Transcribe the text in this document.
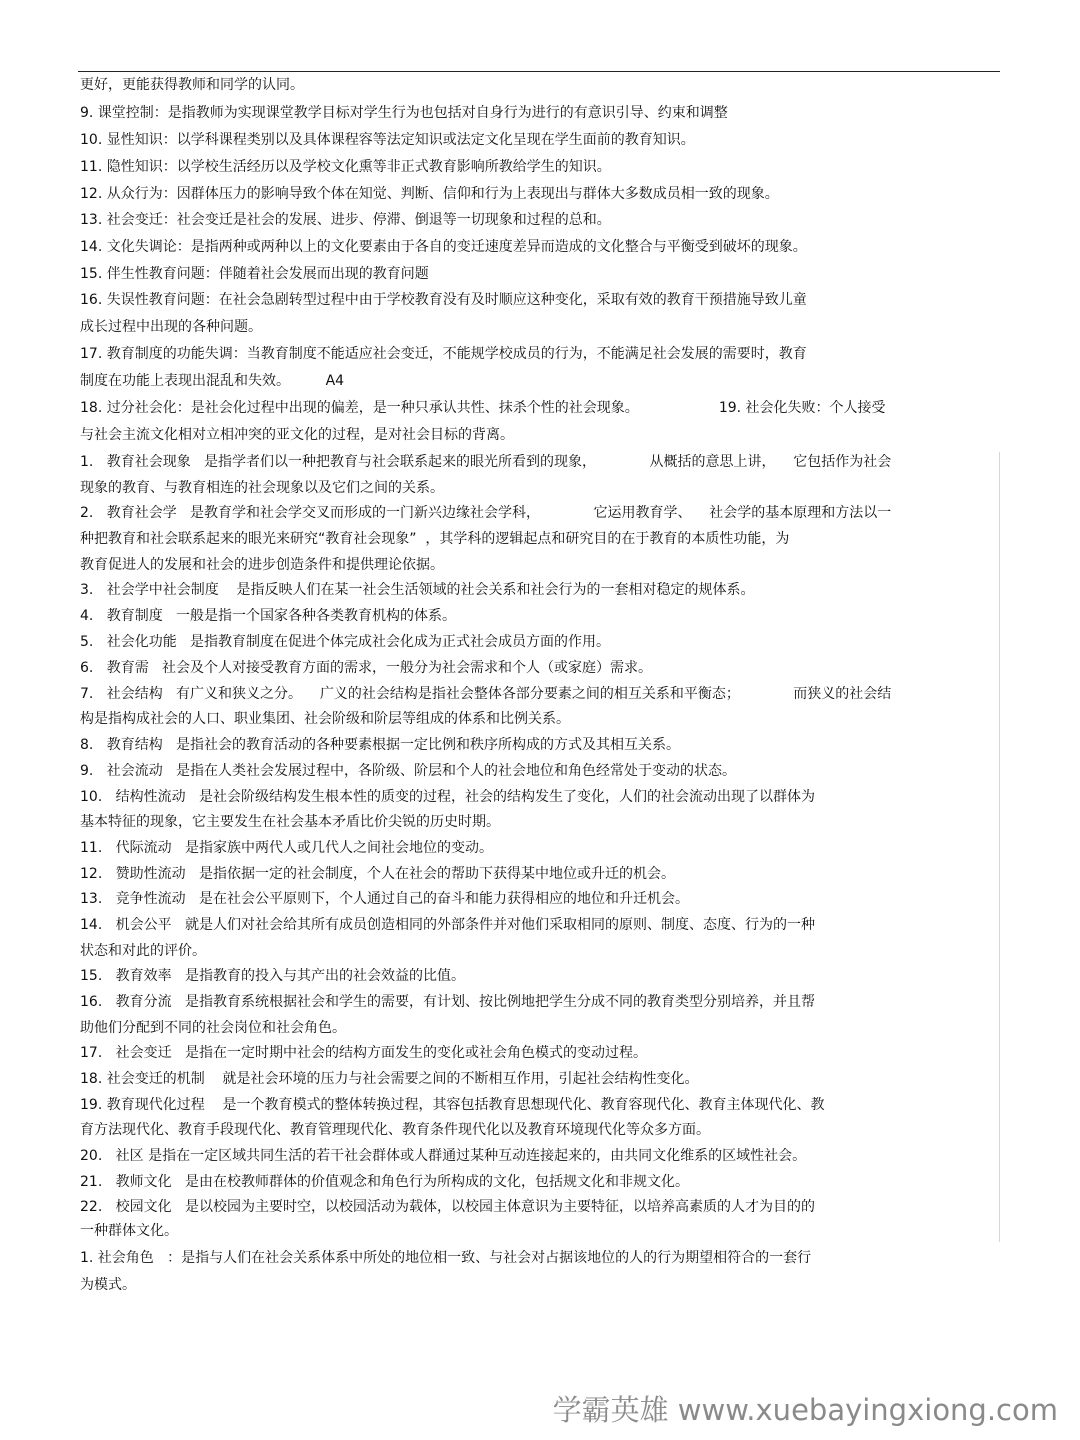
更好，更能获得教师和同学的认同。
9. 课堂控制：是指教师为实现课堂教学目标对学生行为也包括对自身行为进行的有意识引导、约束和调整
10. 显性知识：以学科课程类别以及具体课程容等法定知识或法定文化呈现在学生面前的教育知识。
11. 隐性知识：以学校生活经历以及学校文化熏等非正式教育影响所教给学生的知识。
12. 从众行为：因群体压力的影响导致个体在知觉、判断、信仰和行为上表现出与群体大多数成员相一致的现象。
13. 社会变迁：社会变迁是社会的发展、进步、停滞、倒退等一切现象和过程的总和。
14. 文化失调论：是指两种或两种以上的文化要素由于各自的变迁速度差异而造成的文化整合与平衡受到破坏的现象。
15. 伴生性教育问题：伴随着社会发展而出现的教育问题
16. 失误性教育问题：在社会急剧转型过程中由于学校教育没有及时顺应这种变化，采取有效的教育干预措施导致儿童
成长过程中出现的各种问题。
17. 教育制度的功能失调：当教育制度不能适应社会变迁，不能规学校成员的行为，不能满足社会发展的需要时，教育
制度在功能上表现出混乱和失效。        A4
18. 过分社会化：是社会化过程中出现的偏差，是一种只承认共性、抹杀个性的社会现象。                  19. 社会化失败：个人接受
与社会主流文化相对立相冲突的亚文化的过程，是对社会目标的背离。
1.   教育社会现象   是指学者们以一种把教育与社会联系起来的眼光所看到的现象，            从概括的意思上讲，    它包括作为社会
现象的教育、与教育相连的社会现象以及它们之间的关系。
2.   教育社会学   是教育学和社会学交叉而形成的一门新兴边缘社会学科，            它运用教育学、    社会学的基本原理和方法以一
种把教育和社会联系起来的眼光来研究“教育社会现象”  ，其学科的逻辑起点和研究目的在于教育的本质性功能，为
教育促进人的发展和社会的进步创造条件和提供理论依据。
3.   社会学中社会制度    是指反映人们在某一社会生活领域的社会关系和社会行为的一套相对稳定的规体系。
4.   教育制度   一般是指一个国家各种各类教育机构的体系。
5.   社会化功能   是指教育制度在促进个体完成社会化成为正式社会成员方面的作用。
6.   教育需   社会及个人对接受教育方面的需求，一般分为社会需求和个人（或家庭）需求。
7.   社会结构   有广义和狭义之分。    广义的社会结构是指社会整体各部分要素之间的相互关系和平衡态；            而狭义的社会结
构是指构成社会的人口、职业集团、社会阶级和阶层等组成的体系和比例关系。
8.   教育结构   是指社会的教育活动的各种要素根据一定比例和秩序所构成的方式及其相互关系。
9.   社会流动   是指在人类社会发展过程中，各阶级、阶层和个人的社会地位和角色经常处于变动的状态。
10.   结构性流动   是社会阶级结构发生根本性的质变的过程，社会的结构发生了变化，人们的社会流动出现了以群体为
基本特征的现象，它主要发生在社会基本矛盾比价尖锐的历史时期。
11.   代际流动   是指家族中两代人或几代人之间社会地位的变动。
12.   赞助性流动   是指依据一定的社会制度，个人在社会的帮助下获得某中地位或升迁的机会。
13.   竞争性流动   是在社会公平原则下，个人通过自己的奋斗和能力获得相应的地位和升迁机会。
14.   机会公平   就是人们对社会给其所有成员创造相同的外部条件并对他们采取相同的原则、制度、态度、行为的一种
状态和对此的评价。
15.   教育效率   是指教育的投入与其产出的社会效益的比值。
16.   教育分流   是指教育系统根据社会和学生的需要，有计划、按比例地把学生分成不同的教育类型分别培养，并且帮
助他们分配到不同的社会岗位和社会角色。
17.   社会变迁   是指在一定时期中社会的结构方面发生的变化或社会角色模式的变动过程。
18. 社会变迁的机制    就是社会环境的压力与社会需要之间的不断相互作用，引起社会结构性变化。
19. 教育现代化过程    是一个教育模式的整体转换过程，其容包括教育思想现代化、教育容现代化、教育主体现代化、教
育方法现代化、教育手段现代化、教育管理现代化、教育条件现代化以及教育环境现代化等众多方面。
20.   社区 是指在一定区域共同生活的若干社会群体或人群通过某种互动连接起来的，由共同文化维系的区域性社会。
21.   教师文化   是由在校教师群体的价值观念和角色行为所构成的文化，包括规文化和非规文化。
22.   校园文化   是以校园为主要时空，以校园活动为载体，以校园主体意识为主要特征，以培养高素质的人才为目的的
一种群体文化。
1. 社会角色   ：是指与人们在社会关系体系中所处的地位相一致、与社会对占据该地位的人的行为期望相符合的一套行
为模式。
学霸英雄 www.xuebayingxiong.com
